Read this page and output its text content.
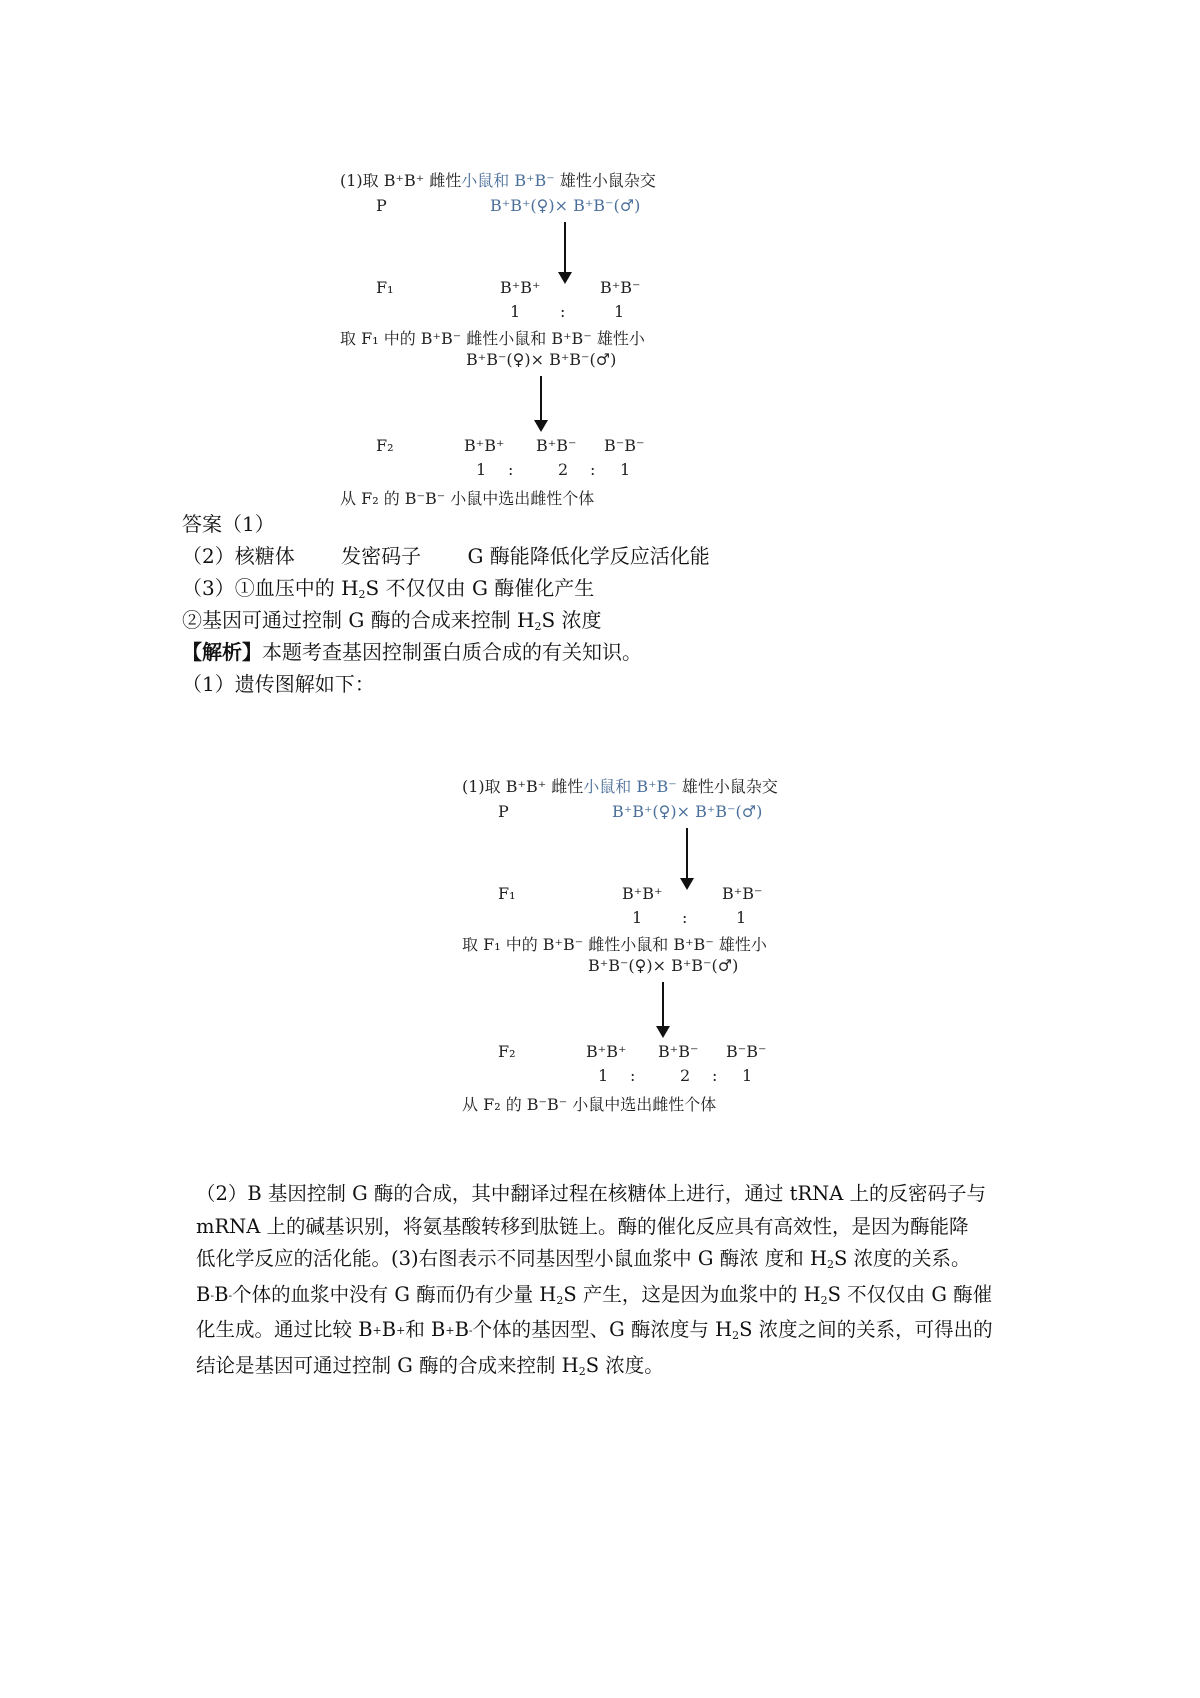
(1)取 B⁺B⁺ 雌性小鼠和 B⁺B⁻ 雄性小鼠杂交
P	B⁺B⁺(♀)× B⁺B⁻(♂)
F₁	B⁺B⁺	B⁺B⁻
1 :	1
取 F₁ 中的 B⁺B⁻ 雌性小鼠和 B⁺B⁻ 雄性小
B⁺B⁻(♀)× B⁺B⁻(♂)
F₂	B⁺B⁺ B⁺B⁻ B⁻B⁻
1 :	2 : 1
从 F₂ 的 B⁻B⁻ 小鼠中选出雌性个体
答案（1）
（2）核糖体 发密码子 G 酶能降低化学反应活化能
（3）①血压中的 $H_2S$ 不仅仅由 G 酶催化产生
②基因可通过控制 G 酶的合成来控制 $H_2S$ 浓度
【解析】本题考查基因控制蛋白质合成的有关知识。
（1）遗传图解如下：
(1)取 B⁺B⁺ 雌性小鼠和 B⁺B⁻ 雄性小鼠杂交
P	B⁺B⁺(♀)× B⁺B⁻(♂)
F₁	B⁺B⁺	B⁺B⁻
1 :	1
取 F₁ 中的 B⁺B⁻ 雌性小鼠和 B⁺B⁻ 雄性小
B⁺B⁻(♀)× B⁺B⁻(♂)
F₂	B⁺B⁺ B⁺B⁻ B⁻B⁻
1 :	2 : 1
从 F₂ 的 B⁻B⁻ 小鼠中选出雌性个体
（2）B 基因控制 G 酶的合成，其中翻译过程在核糖体上进行，通过 tRNA 上的反密码子与
mRNA 上的碱基识别，将氨基酸转移到肽链上。酶的催化反应具有高效性，是因为酶能降
低化学反应的活化能。(3)右图表示不同基因型小鼠血浆中 G 酶浓 度和 $H_2S$ 浓度的关系。
B-B-个体的血浆中没有 G 酶而仍有少量 $H_2S$ 产生，这是因为血浆中的 $H_2S$ 不仅仅由 G 酶催
化生成。通过比较 B+B+和 B+B-个体的基因型、G 酶浓度与 $H_2S$ 浓度之间的关系，可得出的
结论是基因可通过控制 G 酶的合成来控制 $H_2S$ 浓度。
